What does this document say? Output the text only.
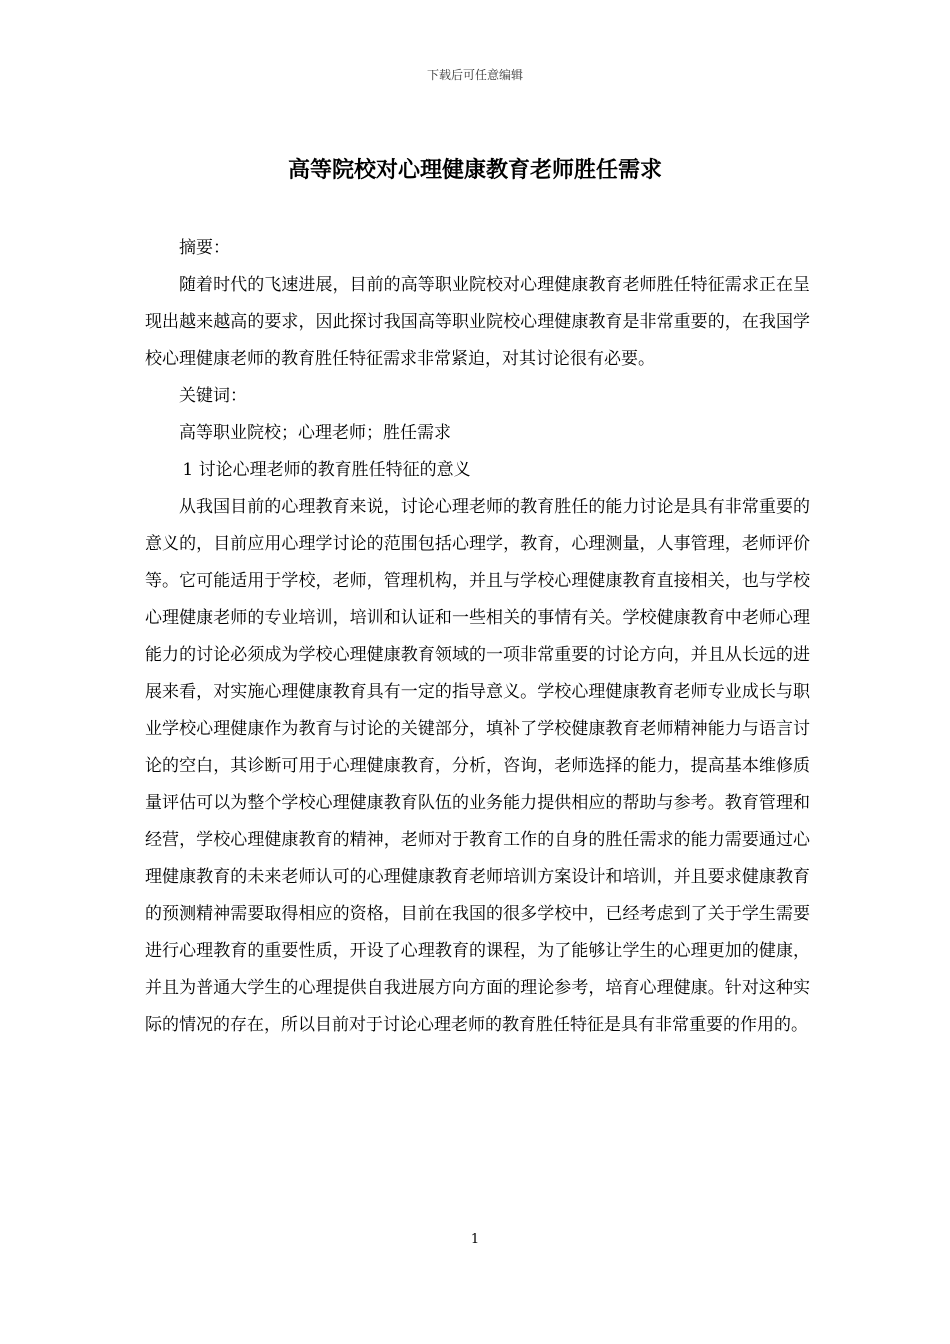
下载后可任意编辑
高等院校对心理健康教育老师胜任需求

摘要：

随着时代的飞速进展，目前的高等职业院校对心理健康教育老师胜任特征需求正在呈现出越来越高的要求，因此探讨我国高等职业院校心理健康教育是非常重要的，在我国学校心理健康老师的教育胜任特征需求非常紧迫，对其讨论很有必要。

关键词：

高等职业院校；心理老师；胜任需求

1 讨论心理老师的教育胜任特征的意义

从我国目前的心理教育来说，讨论心理老师的教育胜任的能力讨论是具有非常重要的意义的，目前应用心理学讨论的范围包括心理学，教育，心理测量，人事管理，老师评价等。它可能适用于学校，老师，管理机构，并且与学校心理健康教育直接相关，也与学校心理健康老师的专业培训，培训和认证和一些相关的事情有关。学校健康教育中老师心理能力的讨论必须成为学校心理健康教育领域的一项非常重要的讨论方向，并且从长远的进展来看，对实施心理健康教育具有一定的指导意义。学校心理健康教育老师专业成长与职业学校心理健康作为教育与讨论的关键部分，填补了学校健康教育老师精神能力与语言讨论的空白，其诊断可用于心理健康教育，分析，咨询，老师选择的能力，提高基本维修质量评估可以为整个学校心理健康教育队伍的业务能力提供相应的帮助与参考。教育管理和经营，学校心理健康教育的精神，老师对于教育工作的自身的胜任需求的能力需要通过心理健康教育的未来老师认可的心理健康教育老师培训方案设计和培训，并且要求健康教育的预测精神需要取得相应的资格，目前在我国的很多学校中，已经考虑到了关于学生需要进行心理教育的重要性质，开设了心理教育的课程，为了能够让学生的心理更加的健康，并且为普通大学生的心理提供自我进展方向方面的理论参考，培育心理健康。针对这种实际的情况的存在，所以目前对于讨论心理老师的教育胜任特征是具有非常重要的作用的。

1
